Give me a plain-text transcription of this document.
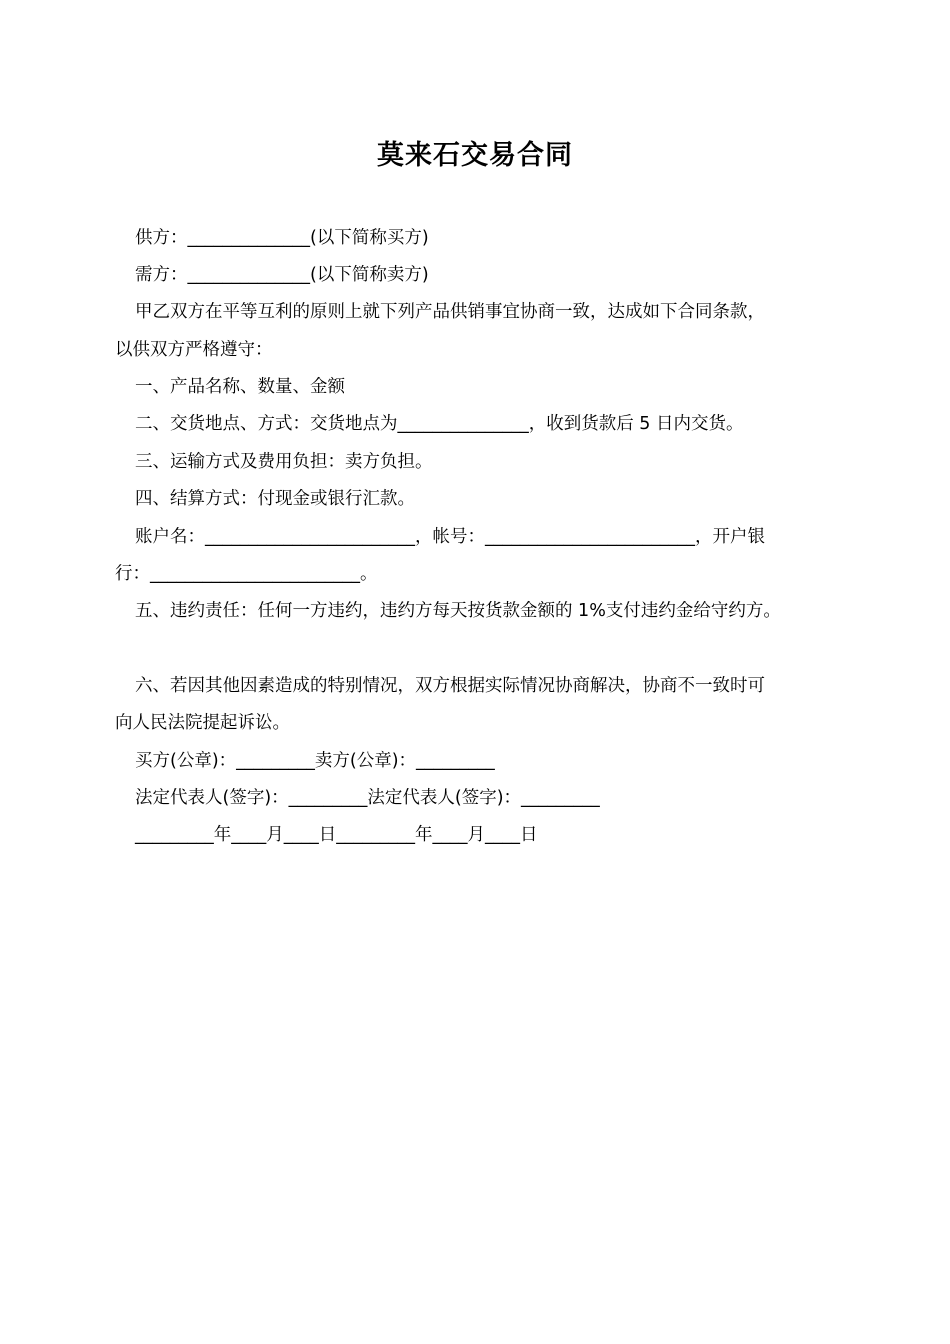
莫来石交易合同
供方：______________(以下简称买方)
需方：______________(以下简称卖方)
甲乙双方在平等互利的原则上就下列产品供销事宜协商一致，达成如下合同条款，
以供双方严格遵守：
一、产品名称、数量、金额
二、交货地点、方式：交货地点为_______________，收到货款后 5 日内交货。
三、运输方式及费用负担：卖方负担。
四、结算方式：付现金或银行汇款。
账户名：________________________，帐号：________________________，开户银
行：________________________。
五、违约责任：任何一方违约，违约方每天按货款金额的 1%支付违约金给守约方。
六、若因其他因素造成的特别情况，双方根据实际情况协商解决，协商不一致时可
向人民法院提起诉讼。
买方(公章)：_________卖方(公章)：_________
法定代表人(签字)：_________法定代表人(签字)：_________
_________年____月____日_________年____月____日
